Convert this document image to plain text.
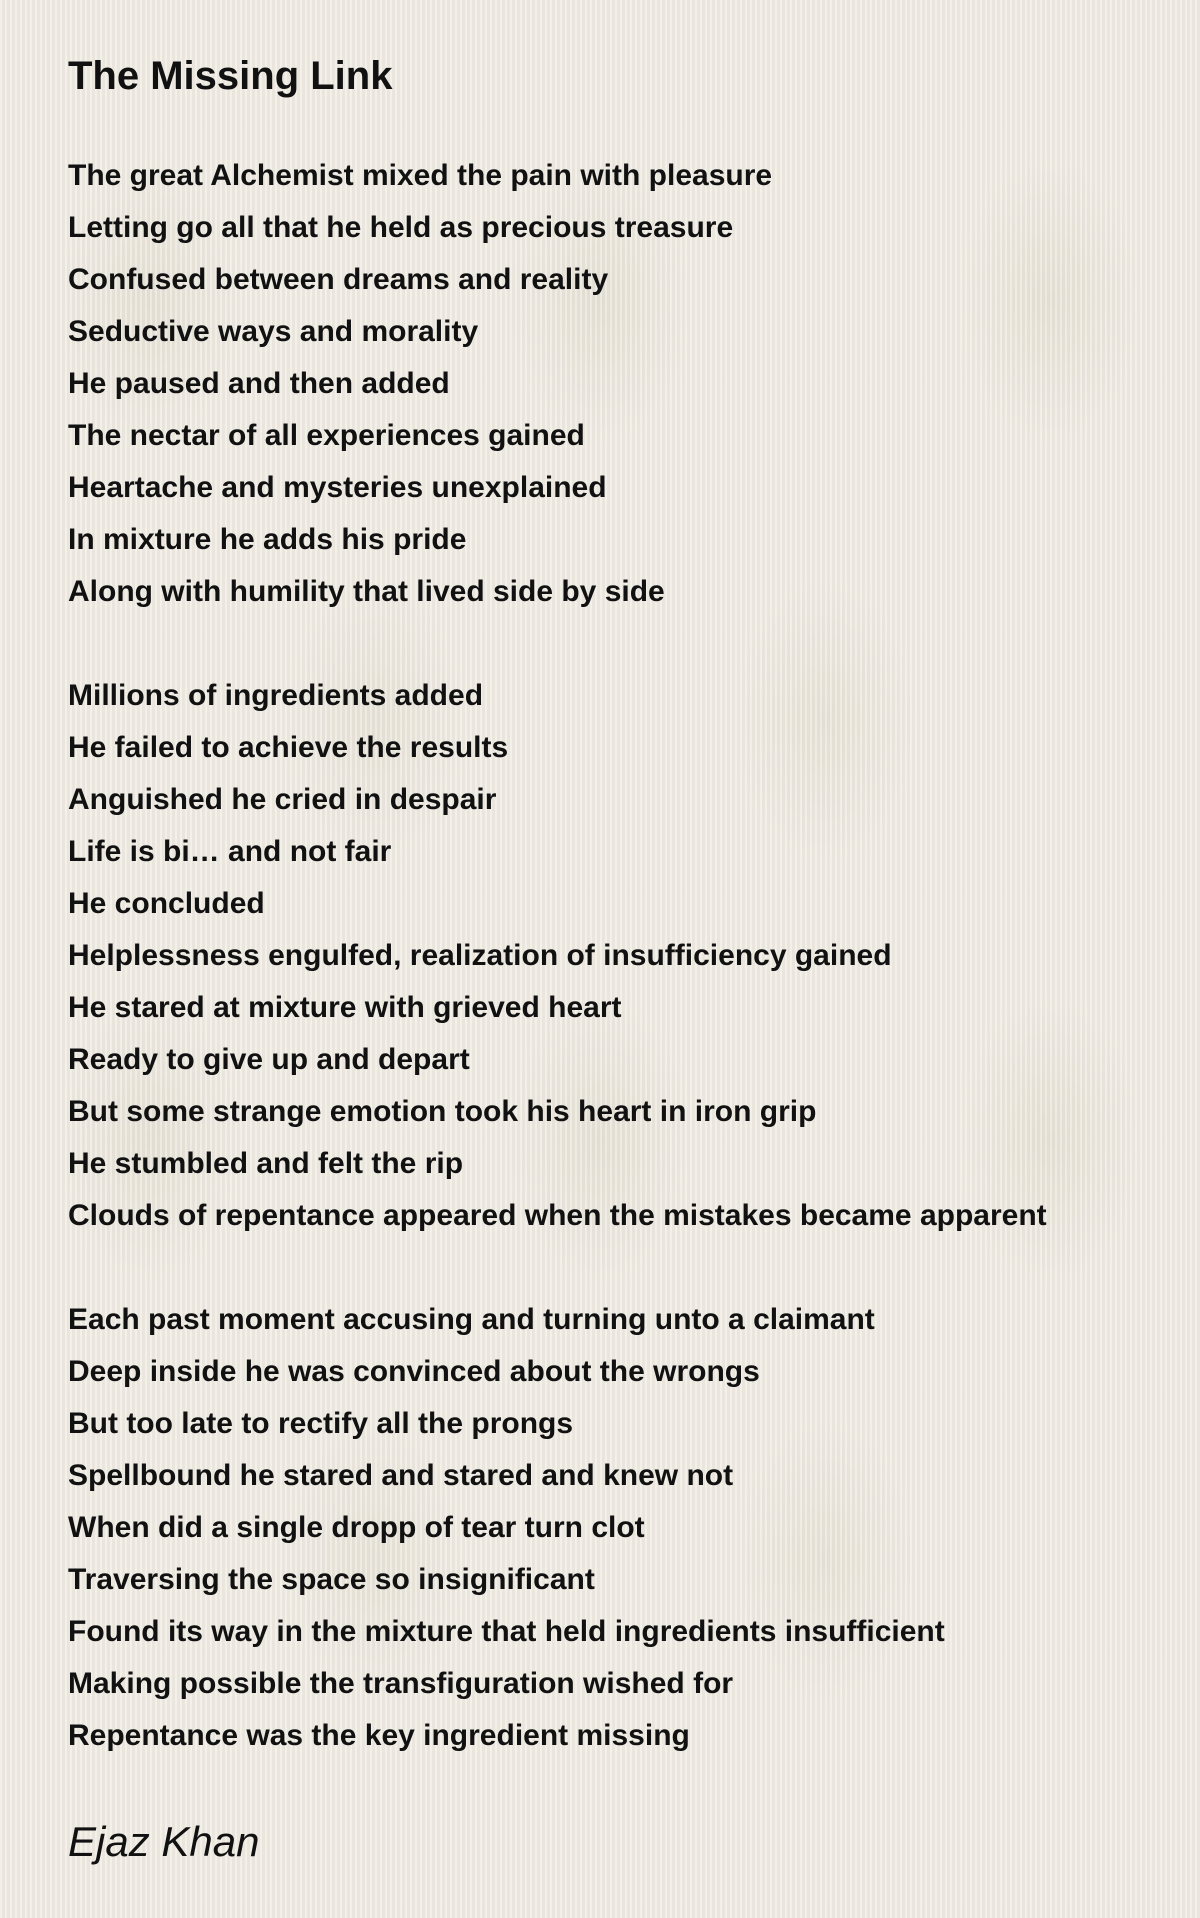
The Missing Link
The great Alchemist mixed the pain with pleasure
Letting go all that he held as precious treasure
Confused between dreams and reality
Seductive ways and morality
He paused and then added
The nectar of all experiences gained
Heartache and mysteries unexplained
In mixture he adds his pride
Along with humility that lived side by side
Millions of ingredients added
He failed to achieve the results
Anguished he cried in despair
Life is bi… and not fair
He concluded
Helplessness engulfed, realization of insufficiency gained
He stared at mixture with grieved heart
Ready to give up and depart
But some strange emotion took his heart in iron grip
He stumbled and felt the rip
Clouds of repentance appeared when the mistakes became apparent
Each past moment accusing and turning unto a claimant
Deep inside he was convinced about the wrongs
But too late to rectify all the prongs
Spellbound he stared and stared and knew not
When did a single dropp of tear turn clot
Traversing the space so insignificant
Found its way in the mixture that held ingredients insufficient
Making possible the transfiguration wished for
Repentance was the key ingredient missing

Ejaz Khan
